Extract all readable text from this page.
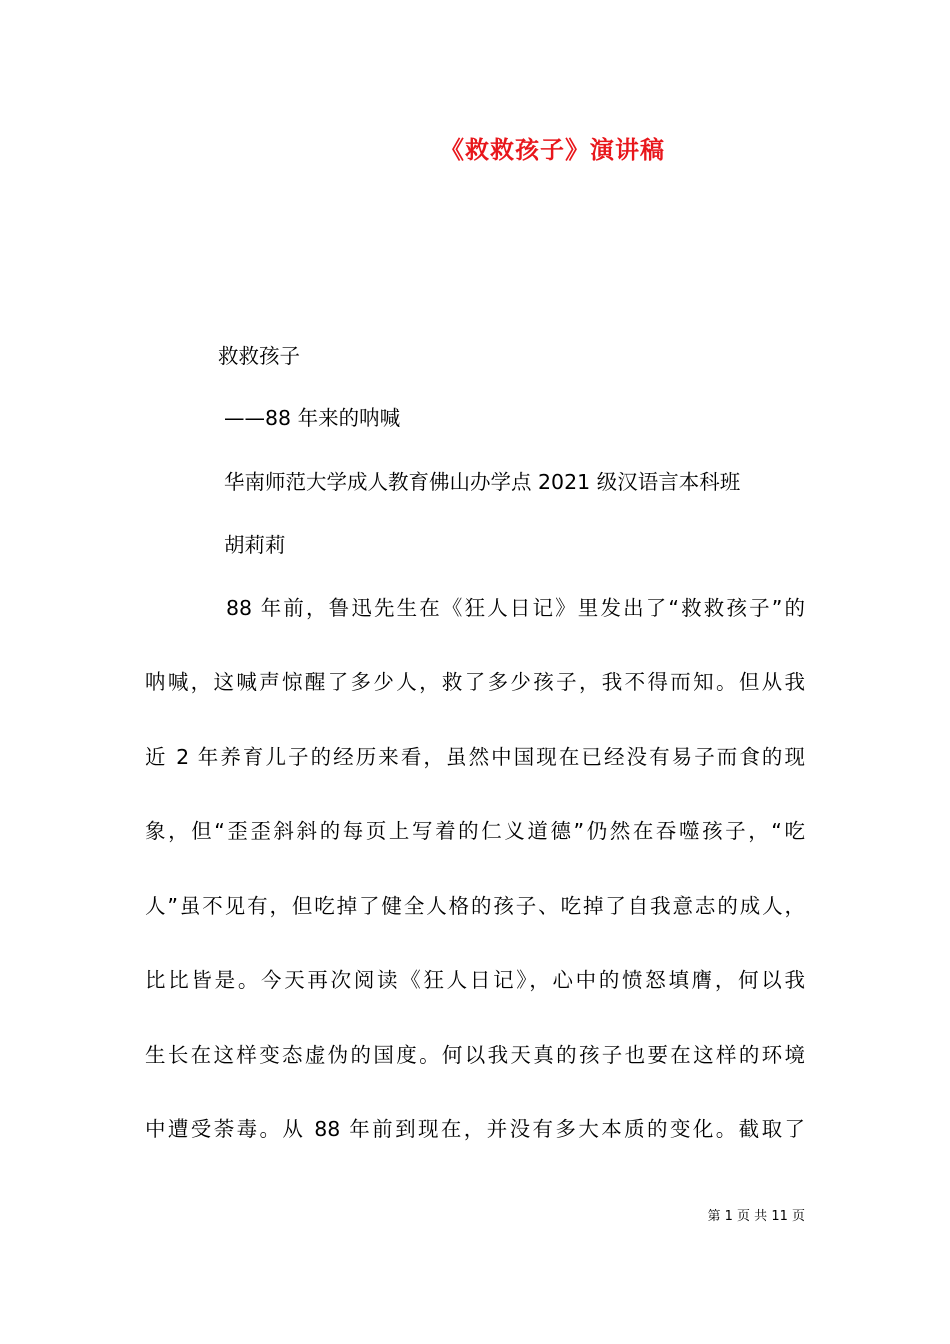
《救救孩子》演讲稿
救救孩子
——88 年来的呐喊
华南师范大学成人教育佛山办学点 2021 级汉语言本科班
胡莉莉
88 年前，鲁迅先生在《狂人日记》里发出了“救救孩子”的
呐喊，这喊声惊醒了多少人，救了多少孩子，我不得而知。但从我
近 2 年养育儿子的经历来看，虽然中国现在已经没有易子而食的现
象，但“歪歪斜斜的每页上写着的仁义道德”仍然在吞噬孩子，“吃
人”虽不见有，但吃掉了健全人格的孩子、吃掉了自我意志的成人，
比比皆是。今天再次阅读《狂人日记》，心中的愤怒填膺，何以我
生长在这样变态虚伪的国度。何以我天真的孩子也要在这样的环境
中遭受荼毒。从 88 年前到现在，并没有多大本质的变化。截取了
第 1 页 共 11 页
